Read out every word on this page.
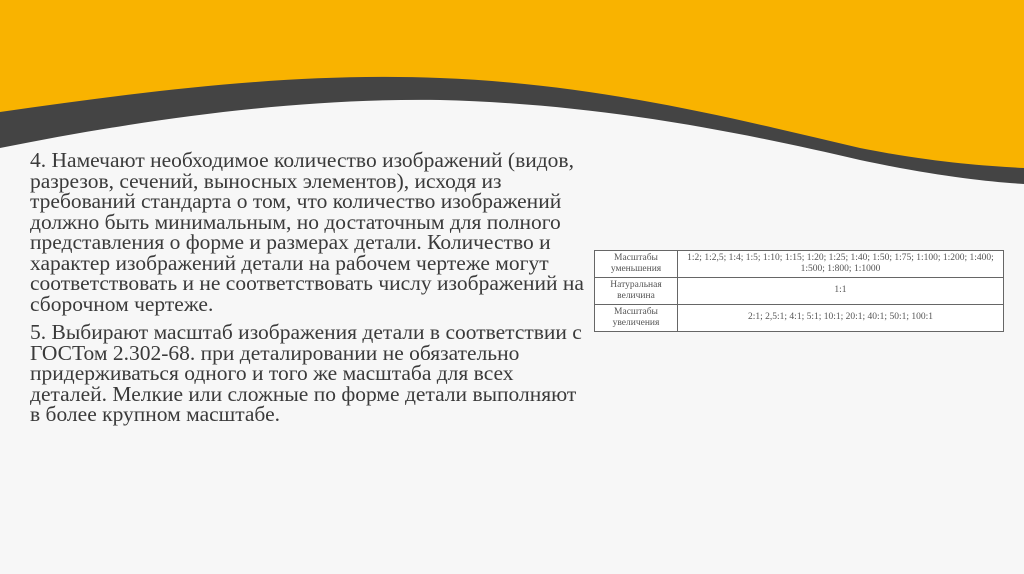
4. Намечают необходимое количество изображений (видов, разрезов, сечений, выносных элементов), исходя из требований стандарта о том, что количество изображений должно быть минимальным, но достаточным для полного представления о форме и размерах детали. Количество и характер изображений детали на рабочем чертеже могут соответствовать и не соответствовать числу изображений на сборочном чертеже.

5. Выбирают масштаб изображения детали в соответствии с ГОСТом 2.302-68. при деталировании не обязательно придерживаться одного и того же масштаба для всех деталей. Мелкие или сложные по форме детали выполняют в более крупном масштабе.

Масштабы уменьшения	1:2; 1:2,5; 1:4; 1:5; 1:10; 1:15; 1:20; 1:25; 1:40; 1:50; 1:75; 1:100; 1:200; 1:400; 1:500; 1:800; 1:1000
Натуральная величина	1:1
Масштабы увеличения	2:1; 2,5:1; 4:1; 5:1; 10:1; 20:1; 40:1; 50:1; 100:1
